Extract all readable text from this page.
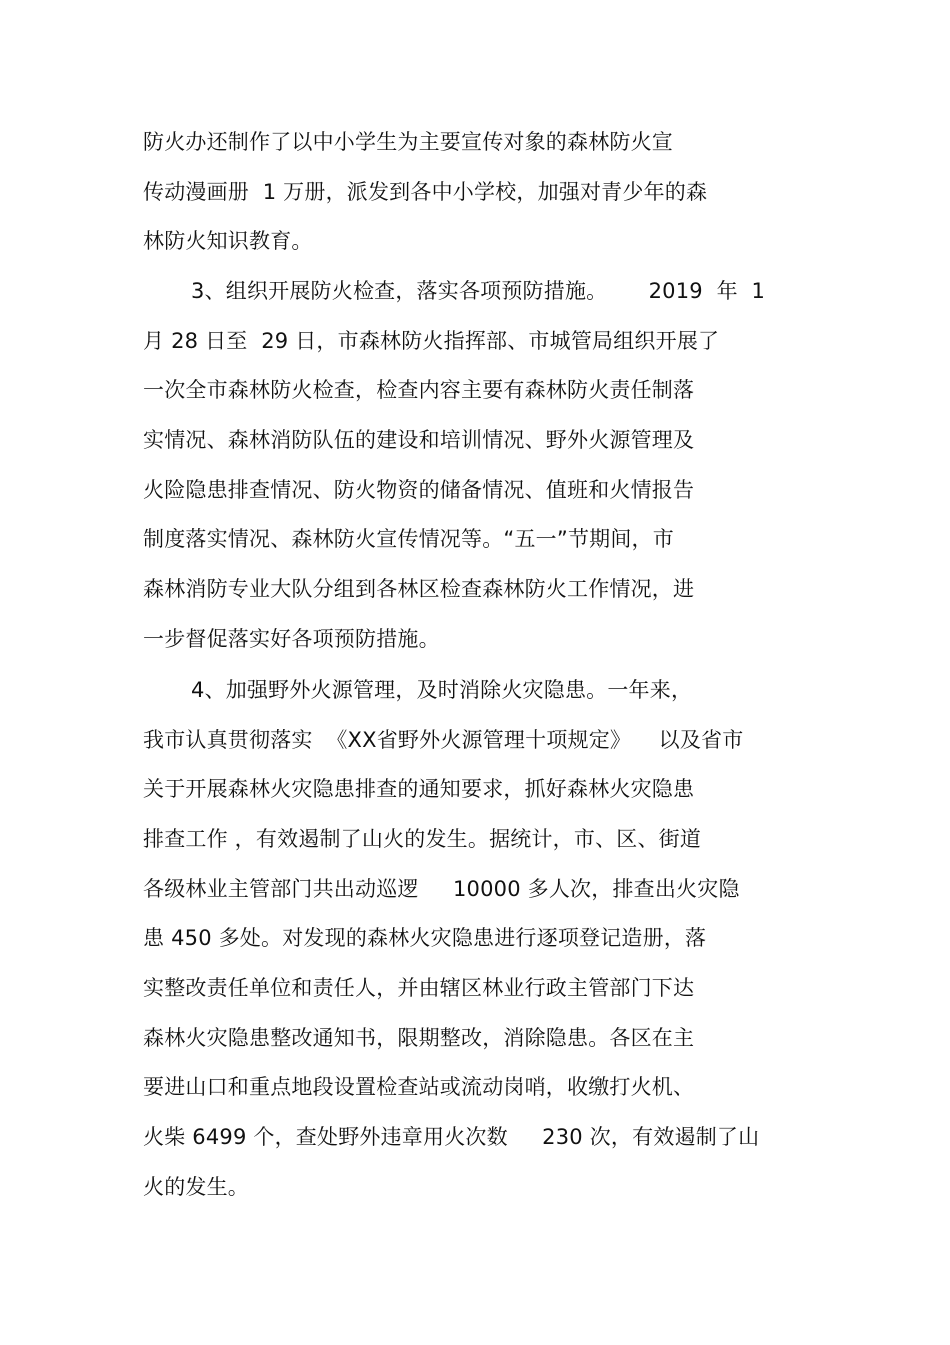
防火办还制作了以中小学生为主要宣传对象的森林防火宣
传动漫画册  1 万册，派发到各中小学校，加强对青少年的森
林防火知识教育。
3、组织开展防火检查，落实各项预防措施。      2019  年  1
月 28 日至  29 日，市森林防火指挥部、市城管局组织开展了
一次全市森林防火检查，检查内容主要有森林防火责任制落
实情况、森林消防队伍的建设和培训情况、野外火源管理及
火险隐患排查情况、防火物资的储备情况、值班和火情报告
制度落实情况、森林防火宣传情况等。“五一”节期间，市
森林消防专业大队分组到各林区检查森林防火工作情况，进
一步督促落实好各项预防措施。
4、加强野外火源管理，及时消除火灾隐患。一年来，
我市认真贯彻落实  《XX省野外火源管理十项规定》    以及省市
关于开展森林火灾隐患排查的通知要求，抓好森林火灾隐患
排查工作 ，有效遏制了山火的发生。据统计，市、区、街道
各级林业主管部门共出动巡逻     10000 多人次，排查出火灾隐
患 450 多处。对发现的森林火灾隐患进行逐项登记造册，落
实整改责任单位和责任人，并由辖区林业行政主管部门下达
森林火灾隐患整改通知书，限期整改，消除隐患。各区在主
要进山口和重点地段设置检查站或流动岗哨，收缴打火机、
火柴 6499 个，查处野外违章用火次数     230 次，有效遏制了山
火的发生。
